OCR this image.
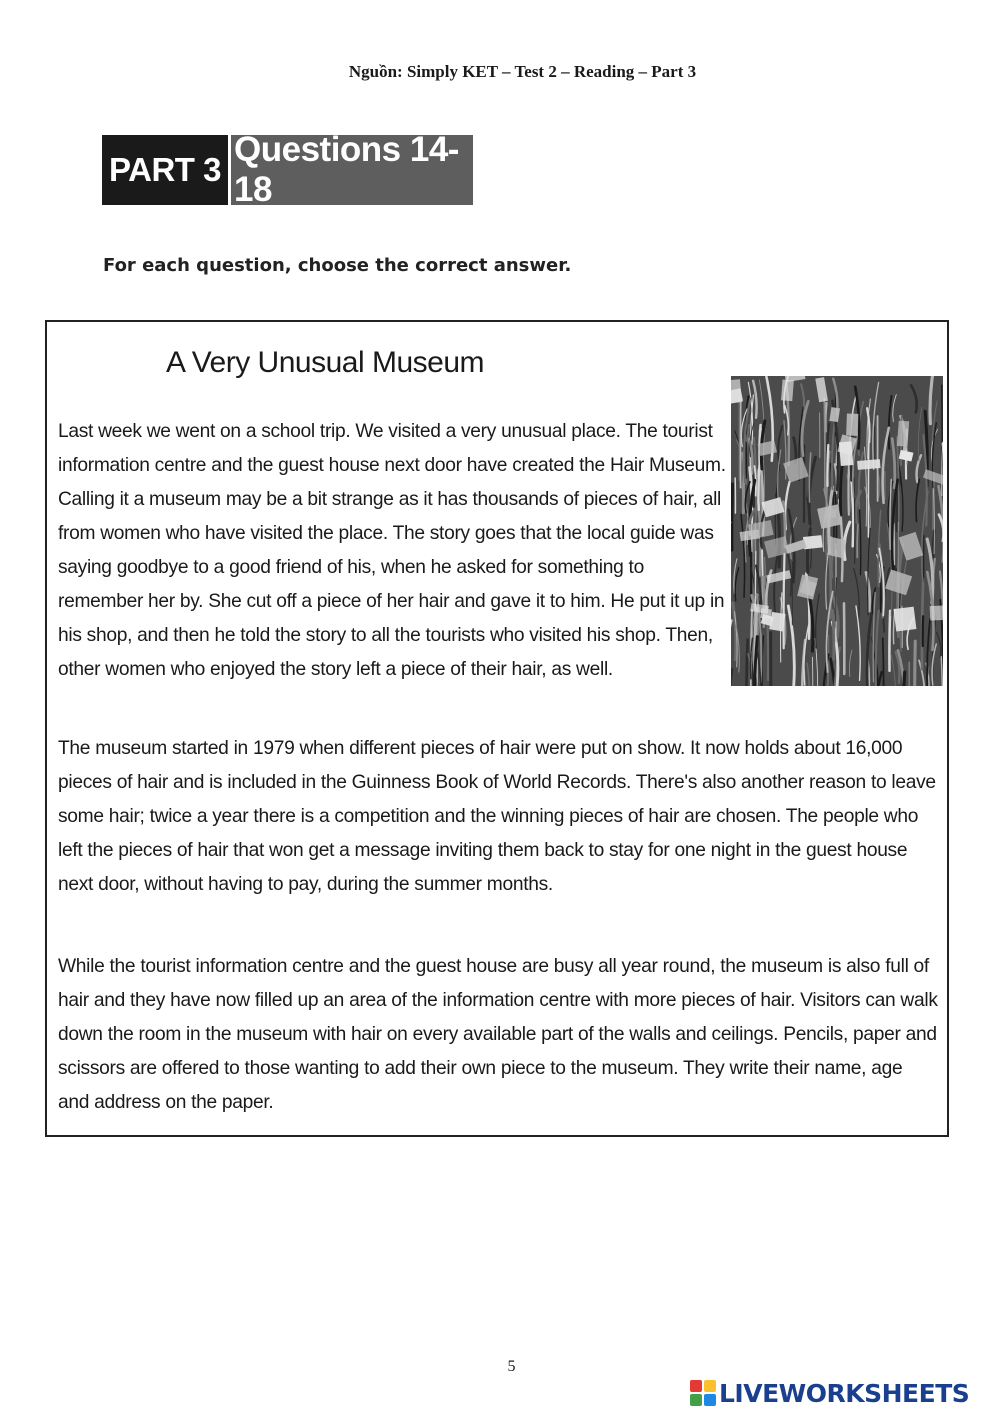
Nguồn: Simply KET – Test 2 – Reading – Part 3
PART 3
Questions 14-18
For each question, choose the correct answer.
A Very Unusual Museum

Last week we went on a school trip. We visited a very unusual place. The tourist information centre and the guest house next door have created the Hair Museum. Calling it a museum may be a bit strange as it has thousands of pieces of hair, all from women who have visited the place. The story goes that the local guide was saying goodbye to a good friend of his, when he asked for something to remember her by. She cut off a piece of her hair and gave it to him. He put it up in his shop, and then he told the story to all the tourists who visited his shop. Then, other women who enjoyed the story left a piece of their hair, as well.

The museum started in 1979 when different pieces of hair were put on show. It now holds about 16,000 pieces of hair and is included in the Guinness Book of World Records. There's also another reason to leave some hair; twice a year there is a competition and the winning pieces of hair are chosen. The people who left the pieces of hair that won get a message inviting them back to stay for one night in the guest house next door, without having to pay, during the summer months.

While the tourist information centre and the guest house are busy all year round, the museum is also full of hair and they have now filled up an area of the information centre with more pieces of hair. Visitors can walk down the room in the museum with hair on every available part of the walls and ceilings. Pencils, paper and scissors are offered to those wanting to add their own piece to the museum. They write their name, age and address on the paper.

5
LIVEWORKSHEETS
